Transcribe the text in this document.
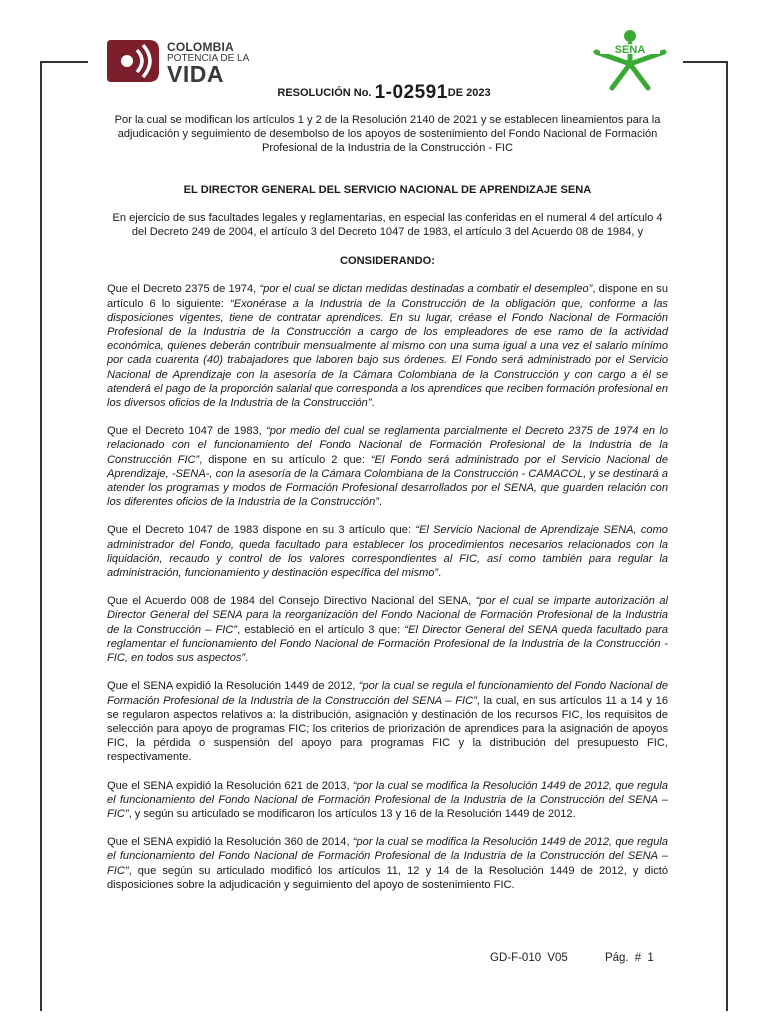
COLOMBIA
POTENCIA DE LA
VIDA
SENA
RESOLUCIÓN No. 1-02591DE 2023

Por la cual se modifican los artículos 1 y 2 de la Resolución 2140 de 2021 y se establecen lineamientos para la adjudicación y seguimiento de desembolso de los apoyos de sostenimiento del Fondo Nacional de Formación Profesional de la Industria de la Construcción - FIC

EL DIRECTOR GENERAL DEL SERVICIO NACIONAL DE APRENDIZAJE SENA

En ejercicio de sus facultades legales y reglamentarias, en especial las conferidas en el numeral 4 del artículo 4 del Decreto 249 de 2004, el artículo 3 del Decreto 1047 de 1983, el artículo 3 del Acuerdo 08 de 1984, y

CONSIDERANDO:

Que el Decreto 2375 de 1974, “por el cual se dictan medidas destinadas a combatir el desempleo”, dispone en su artículo 6 lo siguiente: “Exonérase a la Industria de la Construcción de la obligación que, conforme a las disposiciones vigentes, tiene de contratar aprendices. En su lugar, créase el Fondo Nacional de Formación Profesional de la Industria de la Construcción a cargo de los empleadores de ese ramo de la actividad económica, quienes deberán contribuir mensualmente al mismo con una suma igual a una vez el salario mínimo por cada cuarenta (40) trabajadores que laboren bajo sus órdenes. El Fondo será administrado por el Servicio Nacional de Aprendizaje con la asesoría de la Cámara Colombiana de la Construcción y con cargo a él se atenderá el pago de la proporción salarial que corresponda a los aprendices que reciben formación profesional en los diversos oficios de la Industria de la Construcción”.

Que el Decreto 1047 de 1983, “por medio del cual se reglamenta parcialmente el Decreto 2375 de 1974 en lo relacionado con el funcionamiento del Fondo Nacional de Formación Profesional de la Industria de la Construcción FIC”, dispone en su artículo 2 que: “El Fondo será administrado por el Servicio Nacional de Aprendizaje, -SENA-, con la asesoría de la Cámara Colombiana de la Construcción - CAMACOL, y se destinará a atender los programas y modos de Formación Profesional desarrollados por el SENA, que guarden relación con los diferentes oficios de la Industria de la Construcción”.

Que el Decreto 1047 de 1983 dispone en su 3 artículo que: “El Servicio Nacional de Aprendizaje SENA, como administrador del Fondo, queda facultado para establecer los procedimientos necesarios relacionados con la liquidación, recaudo y control de los valores correspondientes al FIC, así como también para regular la administración, funcionamiento y destinación específica del mismo”.

Que el Acuerdo 008 de 1984 del Consejo Directivo Nacional del SENA, “por el cual se imparte autorización al Director General del SENA para la reorganización del Fondo Nacional de Formación Profesional de la Industria de la Construcción – FIC”, estableció en el artículo 3 que: “El Director General del SENA queda facultado para reglamentar el funcionamiento del Fondo Nacional de Formación Profesional de la Industria de la Construcción - FIC, en todos sus aspectos”.

Que el SENA expidió la Resolución 1449 de 2012, “por la cual se regula el funcionamiento del Fondo Nacional de Formación Profesional de la Industria de la Construcción del SENA – FIC”, la cual, en sus artículos 11 a 14 y 16 se regularon aspectos relativos a: la distribución, asignación y destinación de los recursos FIC, los requisitos de selección para apoyo de programas FIC; los criterios de priorización de aprendices para la asignación de apoyos FIC, la pérdida o suspensión del apoyo para programas FIC y la distribución del presupuesto FIC, respectivamente.

Que el SENA expidió la Resolución 621 de 2013, “por la cual se modifica la Resolución 1449 de 2012, que regula el funcionamiento del Fondo Nacional de Formación Profesional de la Industria de la Construcción del SENA – FIC”, y según su articulado se modificaron los artículos 13 y 16 de la Resolución 1449 de 2012.

Que el SENA expidió la Resolución 360 de 2014, “por la cual se modifica la Resolución 1449 de 2012, que regula el funcionamiento del Fondo Nacional de Formación Profesional de la Industria de la Construcción del SENA – FIC”, que según su articulado modificó los artículos 11, 12 y 14 de la Resolución 1449 de 2012, y dictó disposiciones sobre la adjudicación y seguimiento del apoyo de sostenimiento FIC.

GD-F-010 V05	Pág. # 1
